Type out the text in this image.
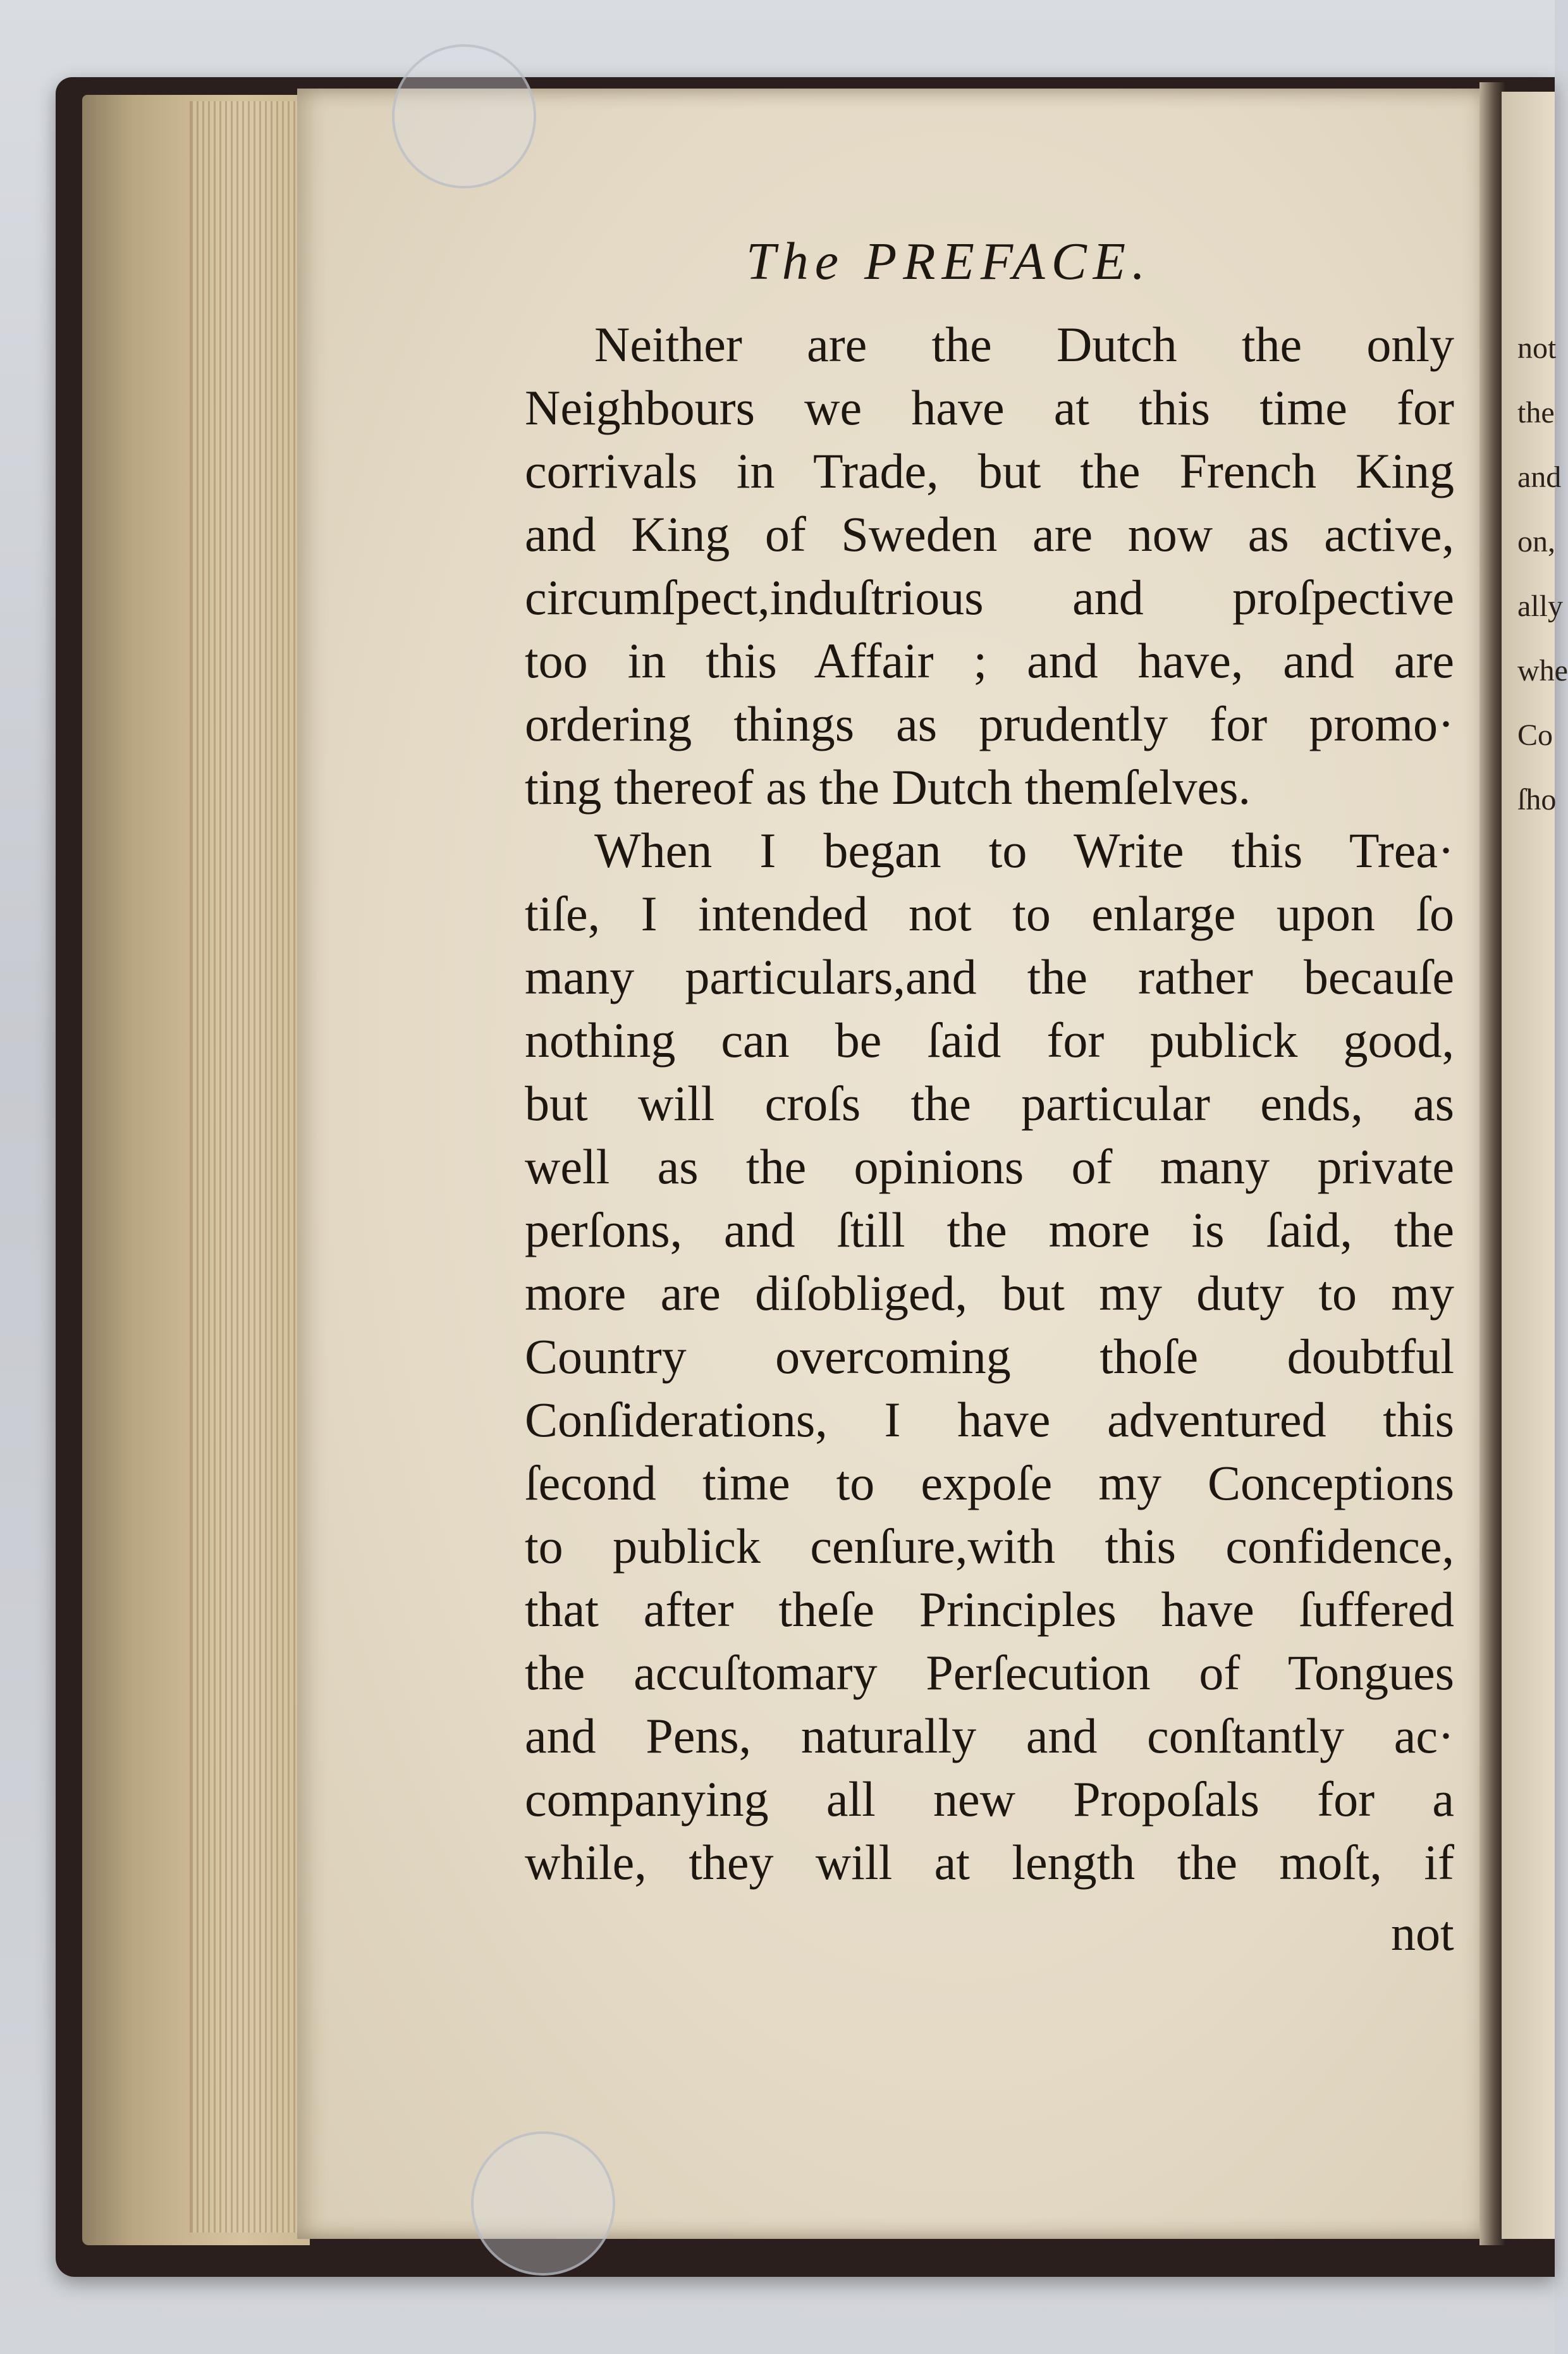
The PREFACE.
Neither are the Dutch the only
Neighbours we have at this time for
corrivals in Trade, but the French King
and King of Sweden are now as active,
circumſpect,induſtrious and proſpective
too in this Affair ; and have, and are
ordering things as prudently for promo·
ting thereof as the Dutch themſelves.
When I began to Write this Trea·
tiſe, I intended not to enlarge upon ſo
many particulars,and the rather becauſe
nothing can be ſaid for publick good,
but will croſs the particular ends, as
well as the opinions of many private
perſons, and ſtill the more is ſaid, the
more are diſobliged, but my duty to my
Country overcoming thoſe doubtful
Conſiderations, I have adventured this
ſecond time to expoſe my Conceptions
to publick cenſure,with this confidence,
that after theſe Principles have ſuffered
the accuſtomary Perſecution of Tongues
and Pens, naturally and conſtantly ac·
companying all new Propoſals for a
while, they will at length the moſt, if
not
not
the
and
on,
ally
whe
Co
ſho
